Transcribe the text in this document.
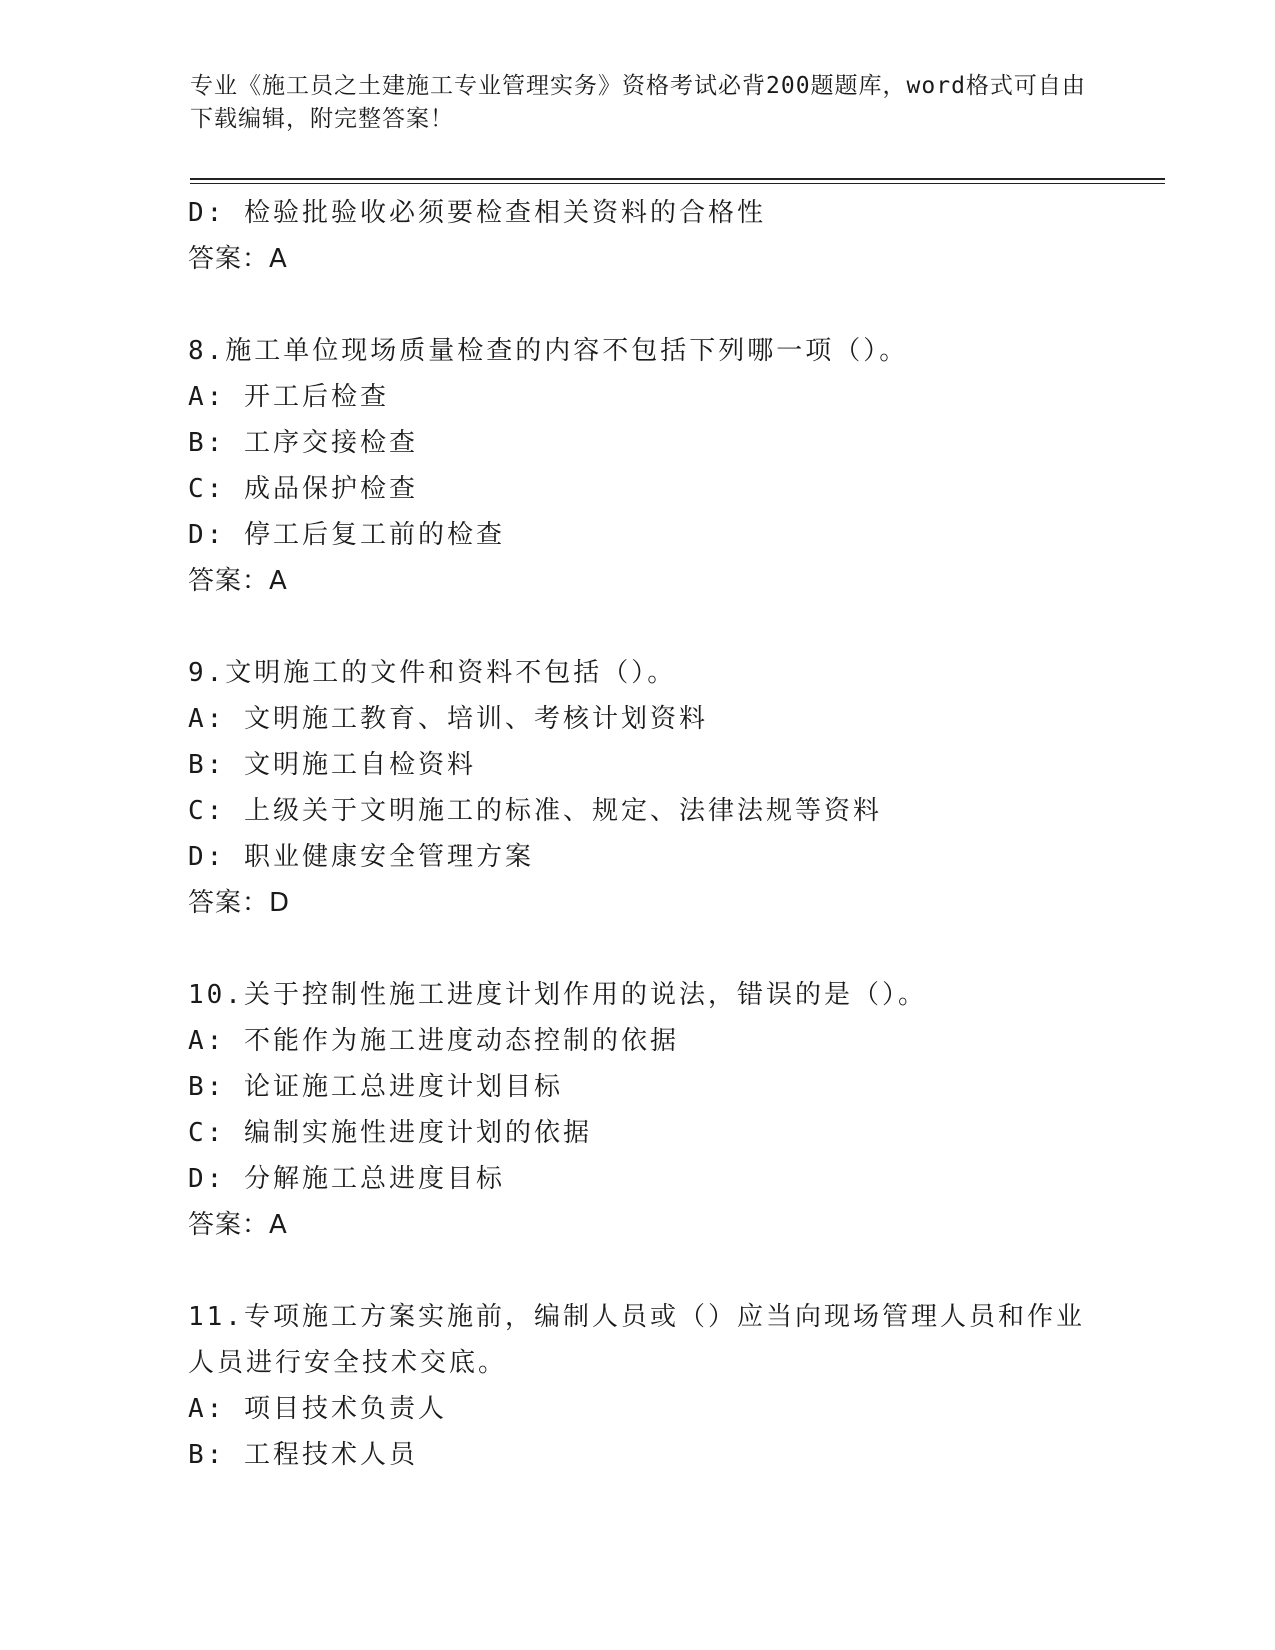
专业《施工员之土建施工专业管理实务》资格考试必背200题题库，word格式可自由下载编辑，附完整答案！
D: 检验批验收必须要检查相关资料的合格性
答案：A
8.施工单位现场质量检查的内容不包括下列哪一项（）。
A: 开工后检查
B: 工序交接检查
C: 成品保护检查
D: 停工后复工前的检查
答案：A
9.文明施工的文件和资料不包括（）。
A: 文明施工教育、培训、考核计划资料
B: 文明施工自检资料
C: 上级关于文明施工的标准、规定、法律法规等资料
D: 职业健康安全管理方案
答案：D
10.关于控制性施工进度计划作用的说法，错误的是（）。
A: 不能作为施工进度动态控制的依据
B: 论证施工总进度计划目标
C: 编制实施性进度计划的依据
D: 分解施工总进度目标
答案：A
11.专项施工方案实施前，编制人员或（）应当向现场管理人员和作业人员进行安全技术交底。
A: 项目技术负责人
B: 工程技术人员
